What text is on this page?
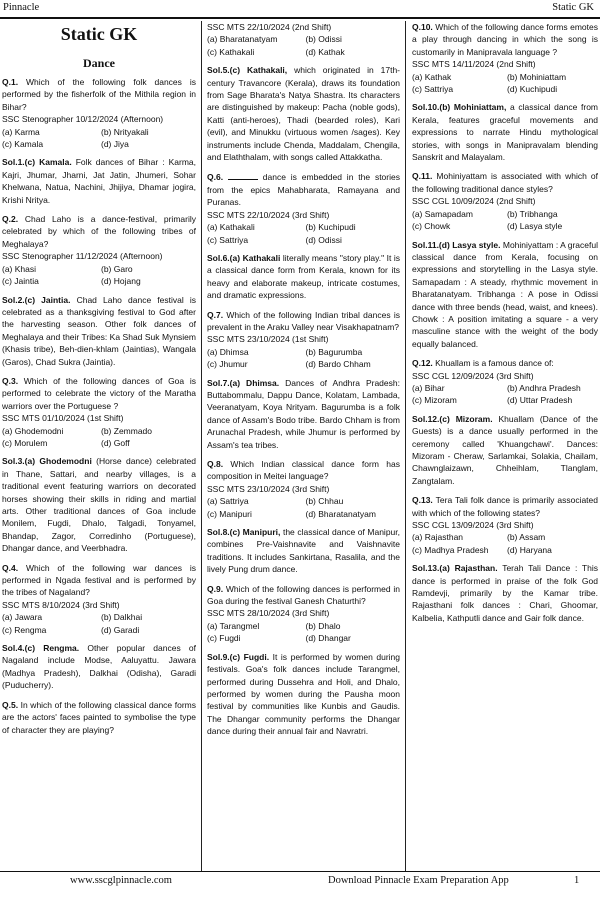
Pinnacle	Static GK
Static GK
Dance
Q.1. Which of the following folk dances is performed by the fisherfolk of the Mithila region in Bihar?
SSC Stenographer 10/12/2024 (Afternoon)
(a) Karma	(b) Nrityakali
(c) Kamala	(d) Jiya
Sol.1.(c) Kamala. Folk dances of Bihar : Karma, Kajri, Jhumar, Jharni, Jat Jatin, Jhumeri, Sohar Khelwana, Natua, Nachini, Jhijiya, Dhamar jogira, Krishi Nritya.
Q.2. Chad Laho is a dance-festival, primarily celebrated by which of the following tribes of Meghalaya?
SSC Stenographer 11/12/2024 (Afternoon)
(a) Khasi	(b) Garo
(c) Jaintia	(d) Hojang
Sol.2.(c) Jaintia. Chad Laho dance festival is celebrated as a thanksgiving festival to God after the harvesting season. Other folk dances of Meghalaya and their Tribes: Ka Shad Suk Mynsiem (Khasis tribe), Beh-dien-khlam (Jaintias), Wangala (Garos), Chad Sukra (Jaintia).
Q.3. Which of the following dances of Goa is performed to celebrate the victory of the Maratha warriors over the Portuguese ?
SSC MTS 01/10/2024 (1st Shift)
(a) Ghodemodni	(b) Zemmado
(c) Morulem	(d) Goff
Sol.3.(a) Ghodemodni (Horse dance) celebrated in Thane, Sattari, and nearby villages, is a traditional event featuring warriors on decorated horses showing their skills in riding and martial arts. Other traditional dances of Goa include Monilem, Fugdi, Dhalo, Talgadi, Tonyamel, Bhandap, Zagor, Corredinho (Portuguese), Dhangar dance, and Veerbhadra.
Q.4. Which of the following war dances is performed in Ngada festival and is performed by the tribes of Nagaland?
SSC MTS 8/10/2024 (3rd Shift)
(a) Jawara	(b) Dalkhai
(c) Rengma	(d) Garadi
Sol.4.(c) Rengma. Other popular dances of Nagaland include Modse, Aaluyattu. Jawara (Madhya Pradesh), Dalkhai (Odisha), Garadi (Puducherry).
Q.5. In which of the following classical dance forms are the actors' faces painted to symbolise the type of character they are playing?
SSC MTS 22/10/2024 (2nd Shift)
(a) Bharatanatyam	(b) Odissi
(c) Kathakali	(d) Kathak
Sol.5.(c) Kathakali, which originated in 17th-century Travancore (Kerala), draws its foundation from Sage Bharata's Natya Shastra. Its characters are distinguished by makeup: Pacha (noble gods), Katti (anti-heroes), Thadi (bearded roles), Kari (evil), and Minukku (virtuous women /sages). Key instruments include Chenda, Maddalam, Chengila, and Elaththalam, with songs called Attakkatha.
Q.6.	dance is embedded in the stories from the epics Mahabharata, Ramayana and Puranas.
SSC MTS 22/10/2024 (3rd Shift)
(a) Kathakali	(b) Kuchipudi
(c) Sattriya	(d) Odissi
Sol.6.(a) Kathakali literally means "story play." It is a classical dance form from Kerala, known for its heavy and elaborate makeup, intricate costumes, and dramatic expressions.
Q.7. Which of the following Indian tribal dances is prevalent in the Araku Valley near Visakhapatnam?
SSC MTS 23/10/2024 (1st Shift)
(a) Dhimsa	(b) Bagurumba
(c) Jhumur	(d) Bardo Chham
Sol.7.(a) Dhimsa. Dances of Andhra Pradesh: Buttabommalu, Dappu Dance, Kolatam, Lambada, Veeranatyam, Koya Nrityam. Bagurumba is a folk dance of Assam's Bodo tribe. Bardo Chham is from Arunachal Pradesh, while Jhumur is performed by Assam's tea tribes.
Q.8. Which Indian classical dance form has composition in Meitei language?
SSC MTS 23/10/2024 (3rd Shift)
(a) Sattriya	(b) Chhau
(c) Manipuri	(d) Bharatanatyam
Sol.8.(c) Manipuri, the classical dance of Manipur, combines Pre-Vaishnavite and Vaishnavite traditions. It includes Sankirtana, Rasalila, and the lively Pung drum dance.
Q.9. Which of the following dances is performed in Goa during the festival Ganesh Chaturthi?
SSC MTS 28/10/2024 (3rd Shift)
(a) Tarangmel	(b) Dhalo
(c) Fugdi	(d) Dhangar
Sol.9.(c) Fugdi. It is performed by women during festivals. Goa's folk dances include Tarangmel, performed during Dussehra and Holi, and Dhalo, performed by women during the Pausha moon festival by communities like Kunbis and Gaudis. The Dhangar community performs the Dhangar dance during their annual fair and Navratri.
Q.10. Which of the following dance forms emotes a play through dancing in which the song is customarily in Manipravala language ?
SSC MTS 14/11/2024 (2nd Shift)
(a) Kathak	(b) Mohiniattam
(c) Sattriya	(d) Kuchipudi
Sol.10.(b) Mohiniattam, a classical dance from Kerala, features graceful movements and expressions to narrate Hindu mythological stories, with songs in Manipravalam blending Sanskrit and Malayalam.
Q.11. Mohiniyattam is associated with which of the following traditional dance styles?
SSC CGL 10/09/2024 (2nd Shift)
(a) Samapadam	(b) Tribhanga
(c) Chowk	(d) Lasya style
Sol.11.(d) Lasya style. Mohiniyattam : A graceful classical dance from Kerala, focusing on expressions and storytelling in the Lasya style. Samapadam : A steady, rhythmic movement in Bharatanatyam. Tribhanga : A pose in Odissi dance with three bends (head, waist, and knees). Chowk : A position imitating a square - a very masculine stance with the weight of the body equally balanced.
Q.12. Khuallam is a famous dance of:
SSC CGL 12/09/2024 (3rd Shift)
(a) Bihar	(b) Andhra Pradesh
(c) Mizoram	(d) Uttar Pradesh
Sol.12.(c) Mizoram. Khuallam (Dance of the Guests) is a dance usually performed in the ceremony called 'Khuangchawi'. Dances: Mizoram - Cheraw, Sarlamkai, Solakia, Chailam, Chawnglaizawn, Chheihlam, Tlanglam, Zangtalam.
Q.13. Tera Tali folk dance is primarily associated with which of the following states?
SSC CGL 13/09/2024 (3rd Shift)
(a) Rajasthan	(b) Assam
(c) Madhya Pradesh	(d) Haryana
Sol.13.(a) Rajasthan. Terah Tali Dance : This dance is performed in praise of the folk God Ramdevji, primarily by the Kamar tribe. Rajasthani folk dances : Chari, Ghoomar, Kalbelia, Kathputli dance and Gair folk dance.
www.sscglpinnacle.com	Download Pinnacle Exam Preparation App	1
